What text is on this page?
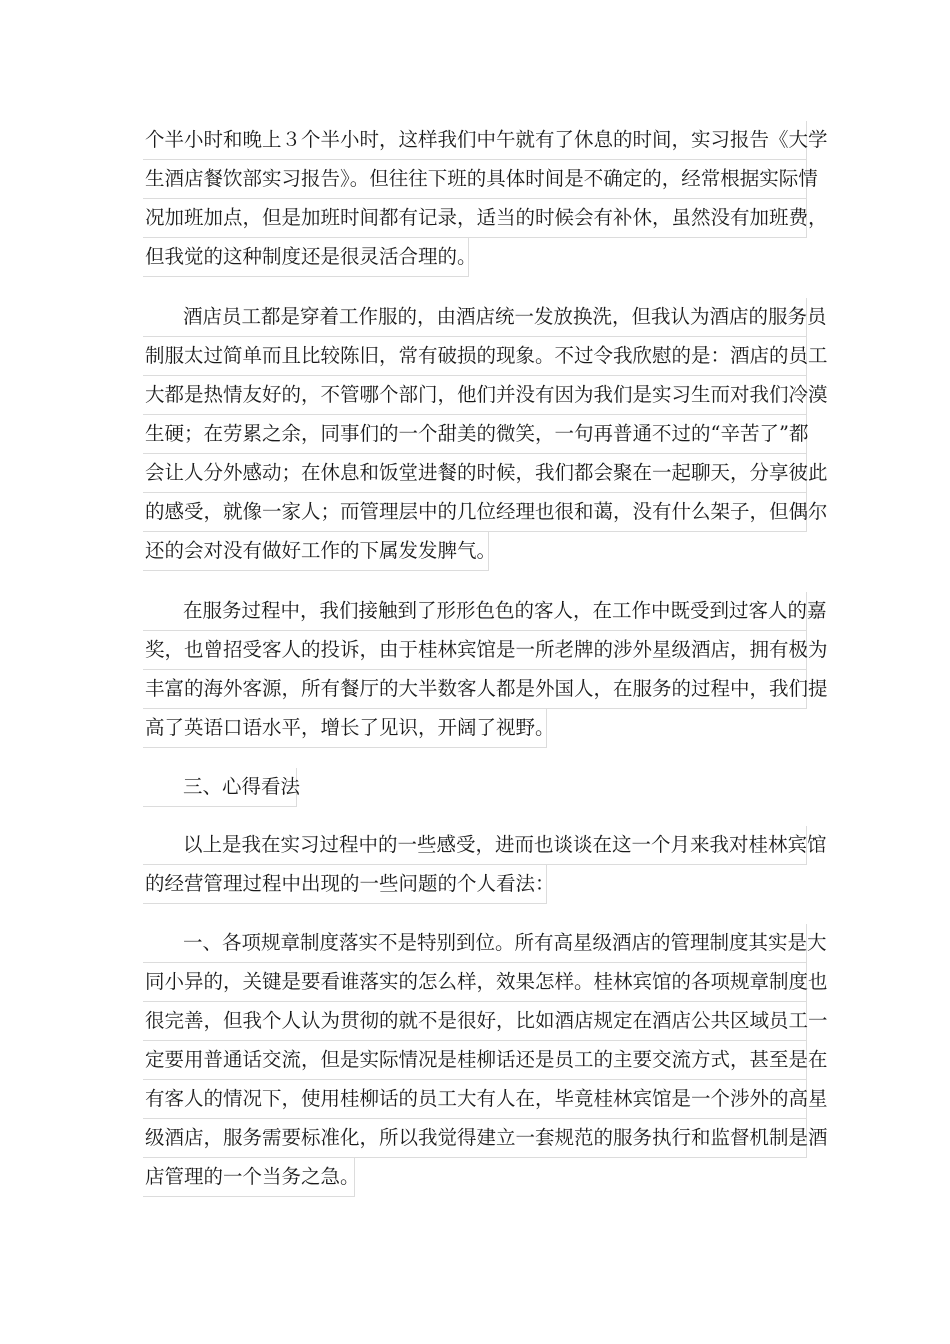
个半小时和晚上３个半小时，这样我们中午就有了休息的时间，实习报告《大学
生酒店餐饮部实习报告》。但往往下班的具体时间是不确定的，经常根据实际情
况加班加点，但是加班时间都有记录，适当的时候会有补休，虽然没有加班费，
但我觉的这种制度还是很灵活合理的。
酒店员工都是穿着工作服的，由酒店统一发放换洗，但我认为酒店的服务员
制服太过简单而且比较陈旧，常有破损的现象。不过令我欣慰的是：酒店的员工
大都是热情友好的，不管哪个部门，他们并没有因为我们是实习生而对我们冷漠
生硬；在劳累之余，同事们的一个甜美的微笑，一句再普通不过的“辛苦了”都
会让人分外感动；在休息和饭堂进餐的时候，我们都会聚在一起聊天，分享彼此
的感受，就像一家人；而管理层中的几位经理也很和蔼，没有什么架子，但偶尔
还的会对没有做好工作的下属发发脾气。
在服务过程中，我们接触到了形形色色的客人，在工作中既受到过客人的嘉
奖，也曾招受客人的投诉，由于桂林宾馆是一所老牌的涉外星级酒店，拥有极为
丰富的海外客源，所有餐厅的大半数客人都是外国人，在服务的过程中，我们提
高了英语口语水平，增长了见识，开阔了视野。
三、心得看法
以上是我在实习过程中的一些感受，进而也谈谈在这一个月来我对桂林宾馆
的经营管理过程中出现的一些问题的个人看法：
一、各项规章制度落实不是特别到位。所有高星级酒店的管理制度其实是大
同小异的，关键是要看谁落实的怎么样，效果怎样。桂林宾馆的各项规章制度也
很完善，但我个人认为贯彻的就不是很好，比如酒店规定在酒店公共区域员工一
定要用普通话交流，但是实际情况是桂柳话还是员工的主要交流方式，甚至是在
有客人的情况下，使用桂柳话的员工大有人在，毕竟桂林宾馆是一个涉外的高星
级酒店，服务需要标准化，所以我觉得建立一套规范的服务执行和监督机制是酒
店管理的一个当务之急。
